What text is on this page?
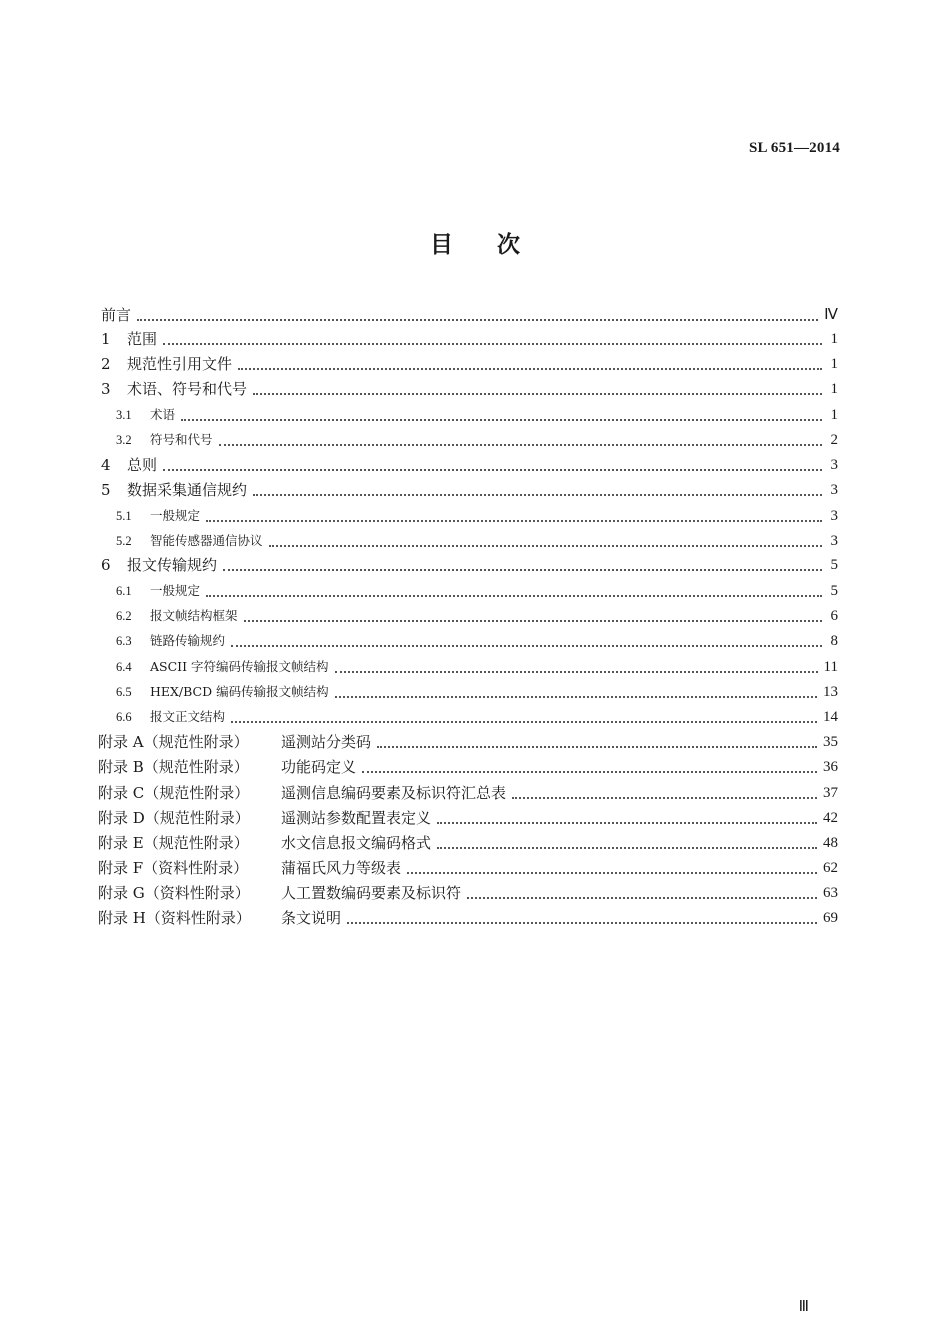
SL 651—2014
目 次
前言	Ⅳ
1	范围	1
2	规范性引用文件	1
3	术语、符号和代号	1
3.1	术语	1
3.2	符号和代号	2
4	总则	3
5	数据采集通信规约	3
5.1	一般规定	3
5.2	智能传感器通信协议	3
6	报文传输规约	5
6.1	一般规定	5
6.2	报文帧结构框架	6
6.3	链路传输规约	8
6.4	ASCII 字符编码传输报文帧结构	11
6.5	HEX/BCD 编码传输报文帧结构	13
6.6	报文正文结构	14
附录 A（规范性附录）	遥测站分类码	35
附录 B（规范性附录）	功能码定义	36
附录 C（规范性附录）	遥测信息编码要素及标识符汇总表	37
附录 D（规范性附录）	遥测站参数配置表定义	42
附录 E（规范性附录）	水文信息报文编码格式	48
附录 F（资料性附录）	蒲福氏风力等级表	62
附录 G（资料性附录）	人工置数编码要素及标识符	63
附录 H（资料性附录）	条文说明	69
Ⅲ
